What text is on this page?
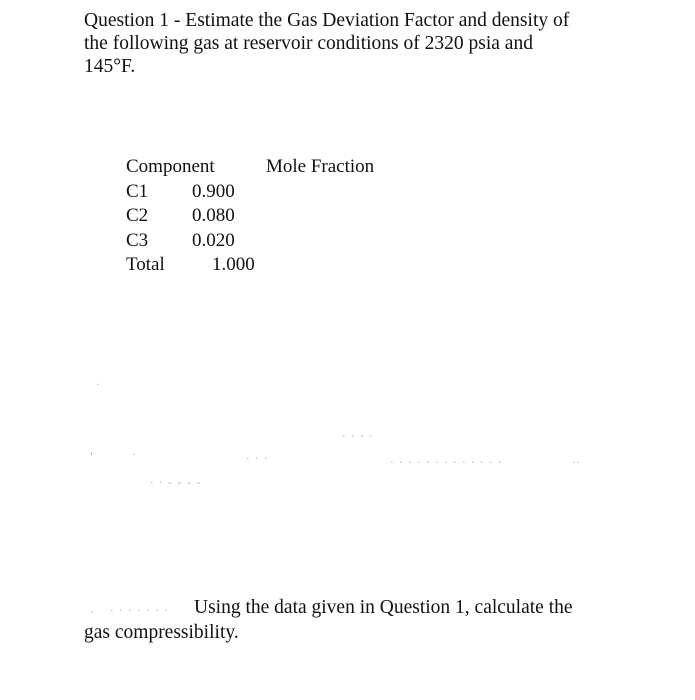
Question 1 - Estimate the Gas Deviation Factor and density of
the following gas at reservoir conditions of 2320 psia and
145°F.
Component	Mole Fraction
C1 0.900
C2 0.080
C3 0.020
Total 1.000
·
· · · ·
'	·	· · ·	· · · · · · · · · · · · ·	··
· · - - - -
· · · · · · · ·	Using the data given in Question 1, calculate the
gas compressibility.
